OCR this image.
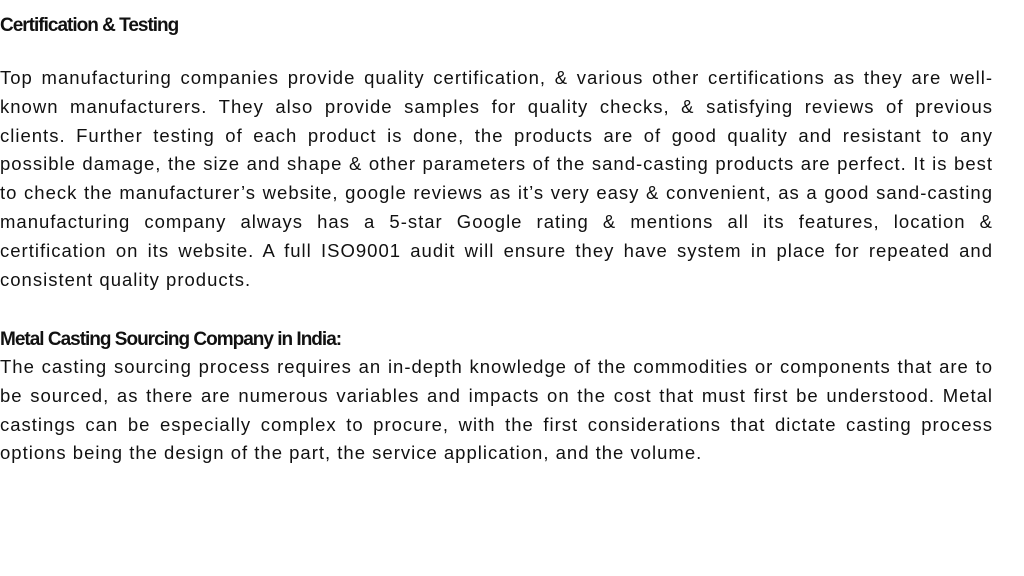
Certification & Testing

Top manufacturing companies provide quality certification, & various other certifications as they are well-known manufacturers. They also provide samples for quality checks, & satisfying reviews of previous clients. Further testing of each product is done, the products are of good quality and resistant to any possible damage, the size and shape & other parameters of the sand-casting products are perfect. It is best to check the manufacturer’s website, google reviews as it’s very easy & convenient, as a good sand-casting manufacturing company always has a 5-star Google rating & mentions all its features, location & certification on its website. A full ISO9001 audit will ensure they have system in place for repeated and consistent quality products.

Metal Casting Sourcing Company in India:

The casting sourcing process requires an in-depth knowledge of the commodities or components that are to be sourced, as there are numerous variables and impacts on the cost that must first be understood. Metal castings can be especially complex to procure, with the first considerations that dictate casting process options being the design of the part, the service application, and the volume.
